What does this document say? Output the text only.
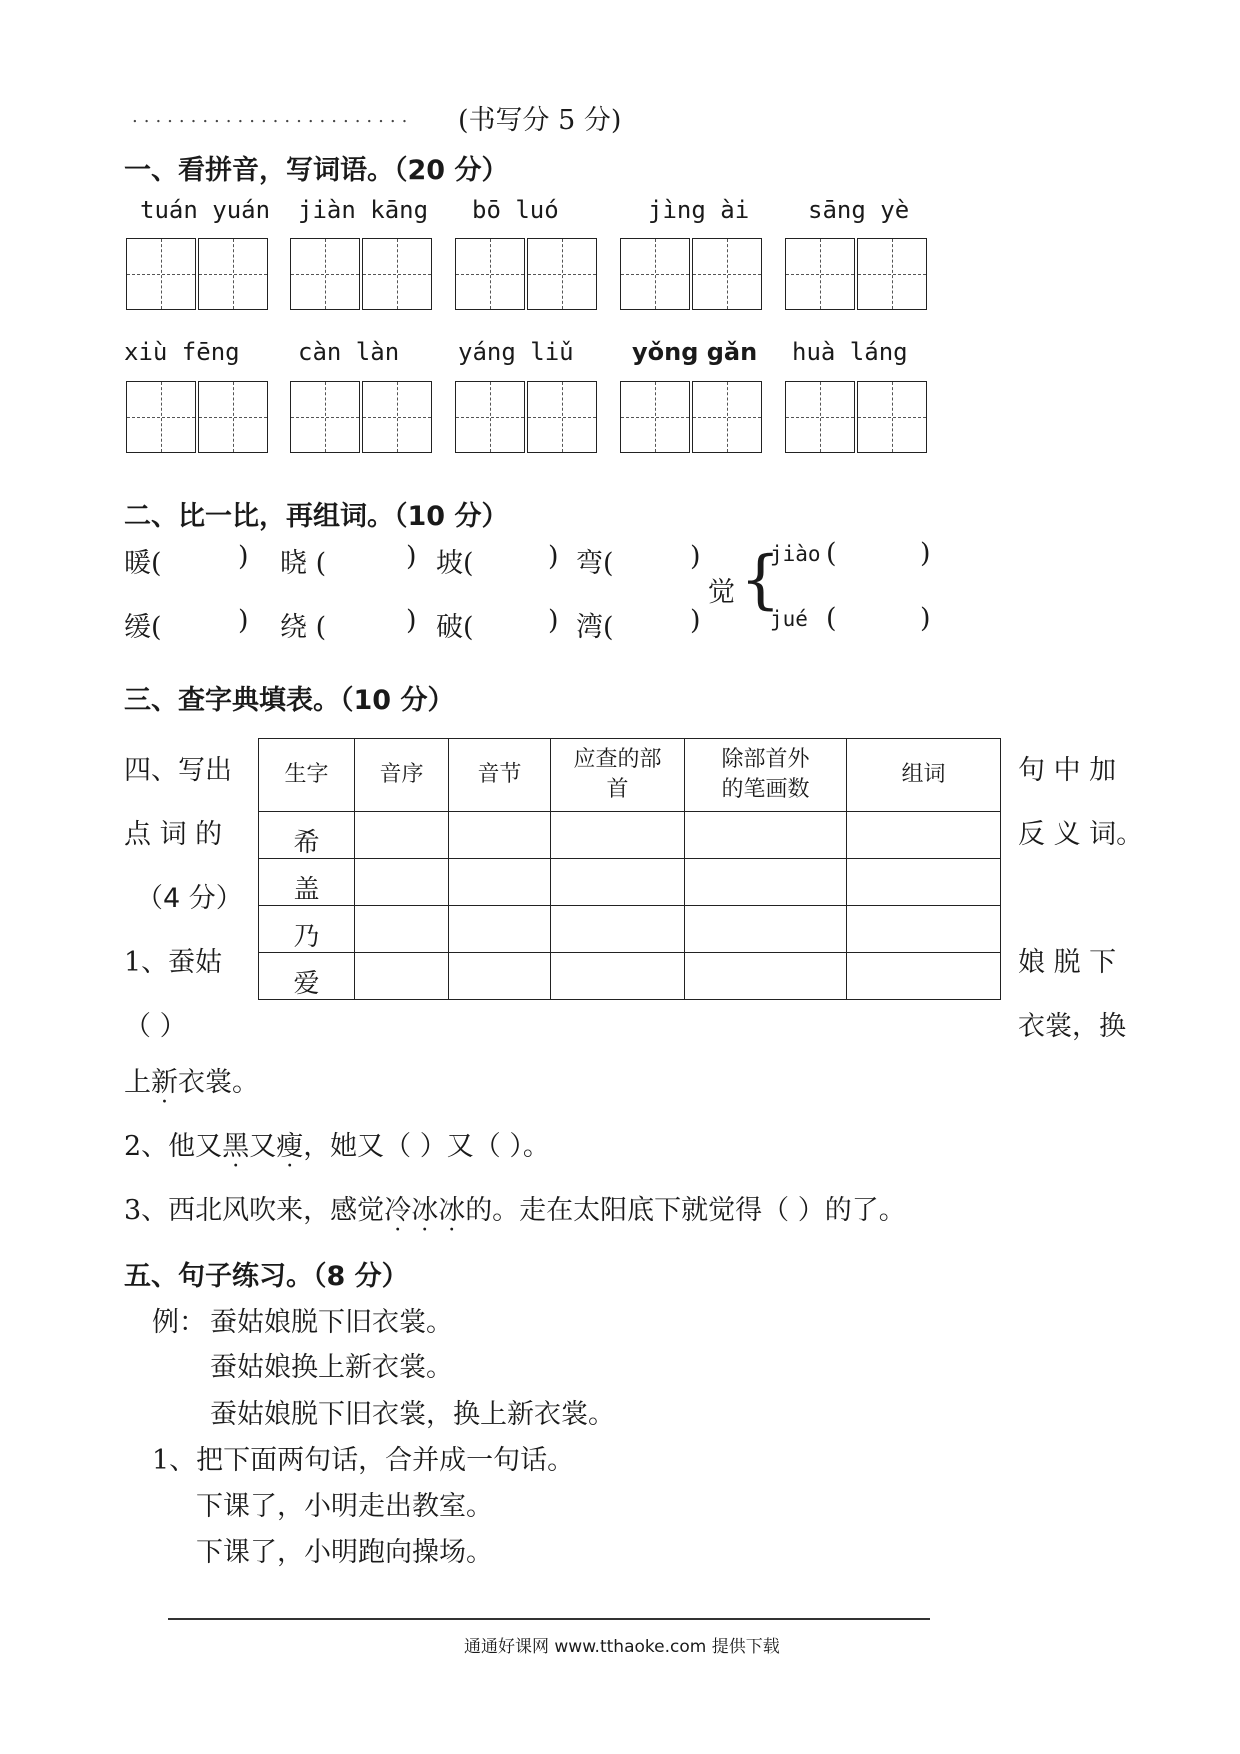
........................ (书写分 5 分)
一、看拼音，写词语。（20 分）
tuán yuán jiàn kāng bō luó	jìng ài sāng yè
xiù fēng càn làn yáng liǔ yǒng gǎn huà láng
二、比一比，再组词。（10 分）
暖(	) 晓 (	) 坡(	) 弯(	)
缓(	) 绕 (	) 破(	) 湾(	)
觉 {
jiào (	)
jué (	)
三、查字典填表。（10 分）
生字	音序	音节	应查的部首	除部首外的笔画数	组词
希					
盖					
乃					
爱					
四、写出
点 词 的
（4 分）
1、蚕姑
（ ）
句 中 加
反 义 词。
娘 脱 下
衣裳，换
上新衣裳。
2、他又黑又瘦，她又（ ）又（ ）。
3、西北风吹来，感觉冷冰冰的。走在太阳底下就觉得（ ）的了。
五、句子练习。（8 分）
例： 蚕姑娘脱下旧衣裳。
蚕姑娘换上新衣裳。
蚕姑娘脱下旧衣裳，换上新衣裳。
1、把下面两句话，合并成一句话。
下课了，小明走出教室。
下课了，小明跑向操场。
通通好课网 www.tthaoke.com 提供下载
